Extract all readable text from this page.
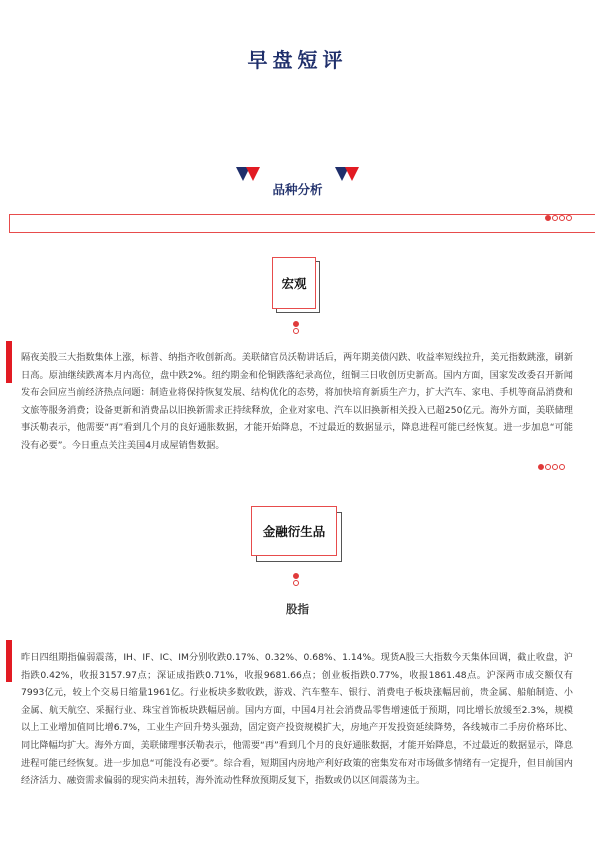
早盘短评
品种分析
宏观

隔夜美股三大指数集体上涨，标普、纳指齐收创新高。美联储官员沃勒讲话后，两年期美债闪跌、收益率短线拉升，美元指数跳涨，刷新日高。原油继续跌离本月内高位，盘中跌2%。纽约期金和伦铜跌落纪录高位，纽铜三日收创历史新高。国内方面，国家发改委召开新闻发布会回应当前经济热点问题：制造业将保持恢复发展、结构优化的态势，将加快培育新质生产力，扩大汽车、家电、手机等商品消费和文旅等服务消费；设备更新和消费品以旧换新需求正持续释放，企业对家电、汽车以旧换新相关投入已超250亿元。海外方面，美联储理事沃勒表示，他需要“再”看到几个月的良好通胀数据，才能开始降息，不过最近的数据显示，降息进程可能已经恢复。进一步加息“可能没有必要”。今日重点关注美国4月成屋销售数据。

金融衍生品
股指

昨日四组期指偏弱震荡，IH、IF、IC、IM分别收跌0.17%、0.32%、0.68%、1.14%。现货A股三大指数今天集体回调，截止收盘，沪指跌0.42%，收报3157.97点；深证成指跌0.71%，收报9681.66点；创业板指跌0.77%，收报1861.48点。沪深两市成交额仅有7993亿元，较上个交易日缩量1961亿。行业板块多数收跌，游戏、汽车整车、银行、消费电子板块涨幅居前，贵金属、船舶制造、小金属、航天航空、采掘行业、珠宝首饰板块跌幅居前。国内方面，中国4月社会消费品零售增速低于预期，同比增长放缓至2.3%，规模以上工业增加值同比增6.7%，工业生产回升势头强劲，固定资产投资规模扩大，房地产开发投资延续降势，各线城市二手房价格环比、同比降幅均扩大。海外方面，美联储理事沃勒表示，他需要“再”看到几个月的良好通胀数据，才能开始降息，不过最近的数据显示，降息进程可能已经恢复。进一步加息“可能没有必要”。综合看，短期国内房地产利好政策的密集发布对市场做多情绪有一定提升，但目前国内经济活力、融资需求偏弱的现实尚未扭转，海外流动性释放预期反复下，指数或仍以区间震荡为主。
